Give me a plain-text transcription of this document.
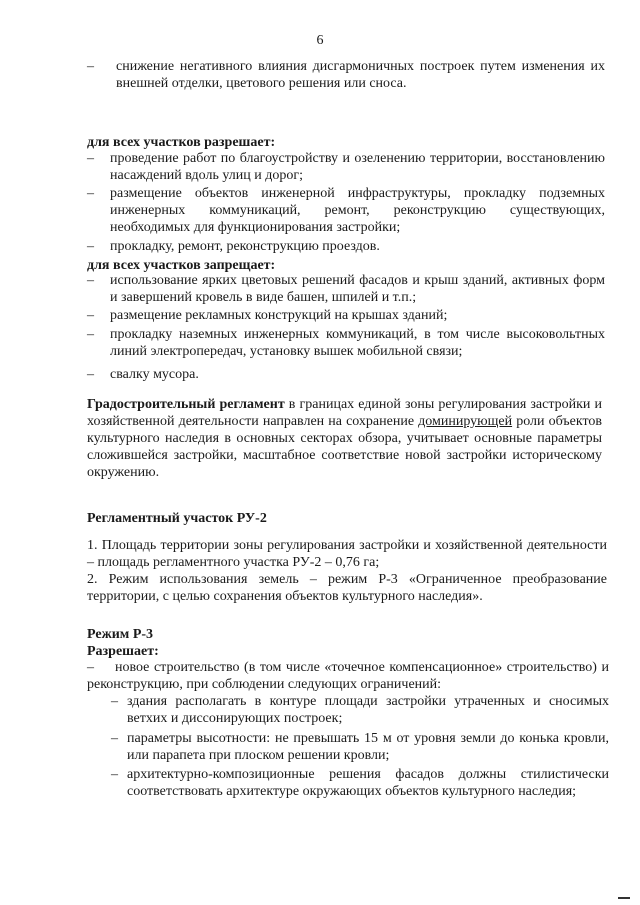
6
– снижение негативного влияния дисгармоничных построек путем изменения их внешней отделки, цветового решения или сноса.
для всех участков разрешает:
– проведение работ по благоустройству и озеленению территории, восстановлению насаждений вдоль улиц и дорог;
– размещение объектов инженерной инфраструктуры, прокладку подземных инженерных коммуникаций, ремонт, реконструкцию существующих, необходимых для функционирования застройки;
– прокладку, ремонт, реконструкцию проездов.
для всех участков запрещает:
– использование ярких цветовых решений фасадов и крыш зданий, активных форм и завершений кровель в виде башен, шпилей и т.п.;
– размещение рекламных конструкций на крышах зданий;
– прокладку наземных инженерных коммуникаций, в том числе высоковольтных линий электропередач, установку вышек мобильной связи;
– свалку мусора.
Градостроительный регламент в границах единой зоны регулирования застройки и хозяйственной деятельности направлен на сохранение доминирующей роли объектов культурного наследия в основных секторах обзора, учитывает основные параметры сложившейся застройки, масштабное соответствие новой застройки историческому окружению.
Регламентный участок РУ-2
1. Площадь территории зоны регулирования застройки и хозяйственной деятельности – площадь регламентного участка РУ-2 – 0,76 га;
2. Режим использования земель – режим Р-3 «Ограниченное преобразование территории, с целью сохранения объектов культурного наследия».
Режим Р-3
Разрешает:
–	новое строительство (в том числе «точечное компенсационное» строительство) и реконструкцию, при соблюдении следующих ограничений:
– здания располагать в контуре площади застройки утраченных и сносимых ветхих и диссонирующих построек;
– параметры высотности: не превышать 15 м от уровня земли до конька кровли, или парапета при плоском решении кровли;
– архитектурно-композиционные решения фасадов должны стилистически соответствовать архитектуре окружающих объектов культурного наследия;
